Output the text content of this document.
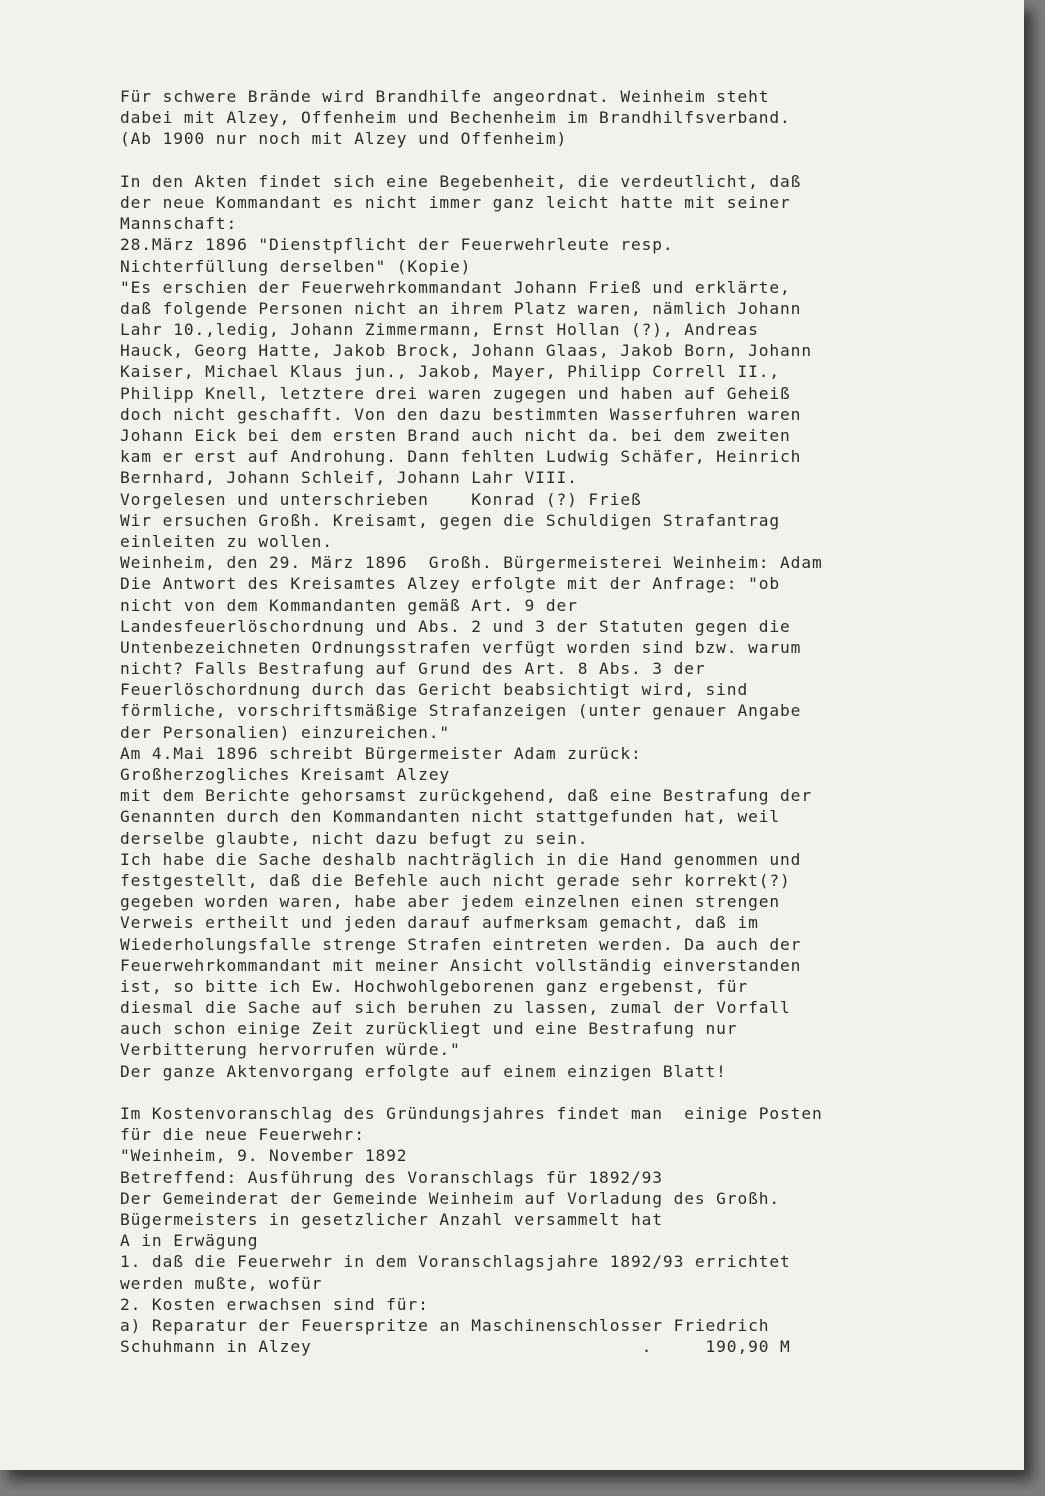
Für schwere Brände wird Brandhilfe angeordnat. Weinheim steht
dabei mit Alzey, Offenheim und Bechenheim im Brandhilfsverband.
(Ab 1900 nur noch mit Alzey und Offenheim)
In den Akten findet sich eine Begebenheit, die verdeutlicht, daß
der neue Kommandant es nicht immer ganz leicht hatte mit seiner
Mannschaft:
28.März 1896 "Dienstpflicht der Feuerwehrleute resp.
Nichterfüllung derselben" (Kopie)
"Es erschien der Feuerwehrkommandant Johann Frieß und erklärte,
daß folgende Personen nicht an ihrem Platz waren, nämlich Johann
Lahr 10.,ledig, Johann Zimmermann, Ernst Hollan (?), Andreas
Hauck, Georg Hatte, Jakob Brock, Johann Glaas, Jakob Born, Johann
Kaiser, Michael Klaus jun., Jakob, Mayer, Philipp Correll II.,
Philipp Knell, letztere drei waren zugegen und haben auf Geheiß
doch nicht geschafft. Von den dazu bestimmten Wasserfuhren waren
Johann Eick bei dem ersten Brand auch nicht da. bei dem zweiten
kam er erst auf Androhung. Dann fehlten Ludwig Schäfer, Heinrich
Bernhard, Johann Schleif, Johann Lahr VIII.
Vorgelesen und unterschrieben    Konrad (?) Frieß
Wir ersuchen Großh. Kreisamt, gegen die Schuldigen Strafantrag
einleiten zu wollen.
Weinheim, den 29. März 1896  Großh. Bürgermeisterei Weinheim: Adam
Die Antwort des Kreisamtes Alzey erfolgte mit der Anfrage: "ob
nicht von dem Kommandanten gemäß Art. 9 der
Landesfeuerlöschordnung und Abs. 2 und 3 der Statuten gegen die
Untenbezeichneten Ordnungsstrafen verfügt worden sind bzw. warum
nicht? Falls Bestrafung auf Grund des Art. 8 Abs. 3 der
Feuerlöschordnung durch das Gericht beabsichtigt wird, sind
förmliche, vorschriftsmäßige Strafanzeigen (unter genauer Angabe
der Personalien) einzureichen."
Am 4.Mai 1896 schreibt Bürgermeister Adam zurück:
Großherzogliches Kreisamt Alzey
mit dem Berichte gehorsamst zurückgehend, daß eine Bestrafung der
Genannten durch den Kommandanten nicht stattgefunden hat, weil
derselbe glaubte, nicht dazu befugt zu sein.
Ich habe die Sache deshalb nachträglich in die Hand genommen und
festgestellt, daß die Befehle auch nicht gerade sehr korrekt(?)
gegeben worden waren, habe aber jedem einzelnen einen strengen
Verweis ertheilt und jeden darauf aufmerksam gemacht, daß im
Wiederholungsfalle strenge Strafen eintreten werden. Da auch der
Feuerwehrkommandant mit meiner Ansicht vollständig einverstanden
ist, so bitte ich Ew. Hochwohlgeborenen ganz ergebenst, für
diesmal die Sache auf sich beruhen zu lassen, zumal der Vorfall
auch schon einige Zeit zurückliegt und eine Bestrafung nur
Verbitterung hervorrufen würde."
Der ganze Aktenvorgang erfolgte auf einem einzigen Blatt!
Im Kostenvoranschlag des Gründungsjahres findet man  einige Posten
für die neue Feuerwehr:
"Weinheim, 9. November 1892
Betreffend: Ausführung des Voranschlags für 1892/93
Der Gemeinderat der Gemeinde Weinheim auf Vorladung des Großh.
Bügermeisters in gesetzlicher Anzahl versammelt hat
A in Erwägung
1. daß die Feuerwehr in dem Voranschlagsjahre 1892/93 errichtet
werden mußte, wofür
2. Kosten erwachsen sind für:
a) Reparatur der Feuerspritze an Maschinenschlosser Friedrich
Schuhmann in Alzey                               .     190,90 M
